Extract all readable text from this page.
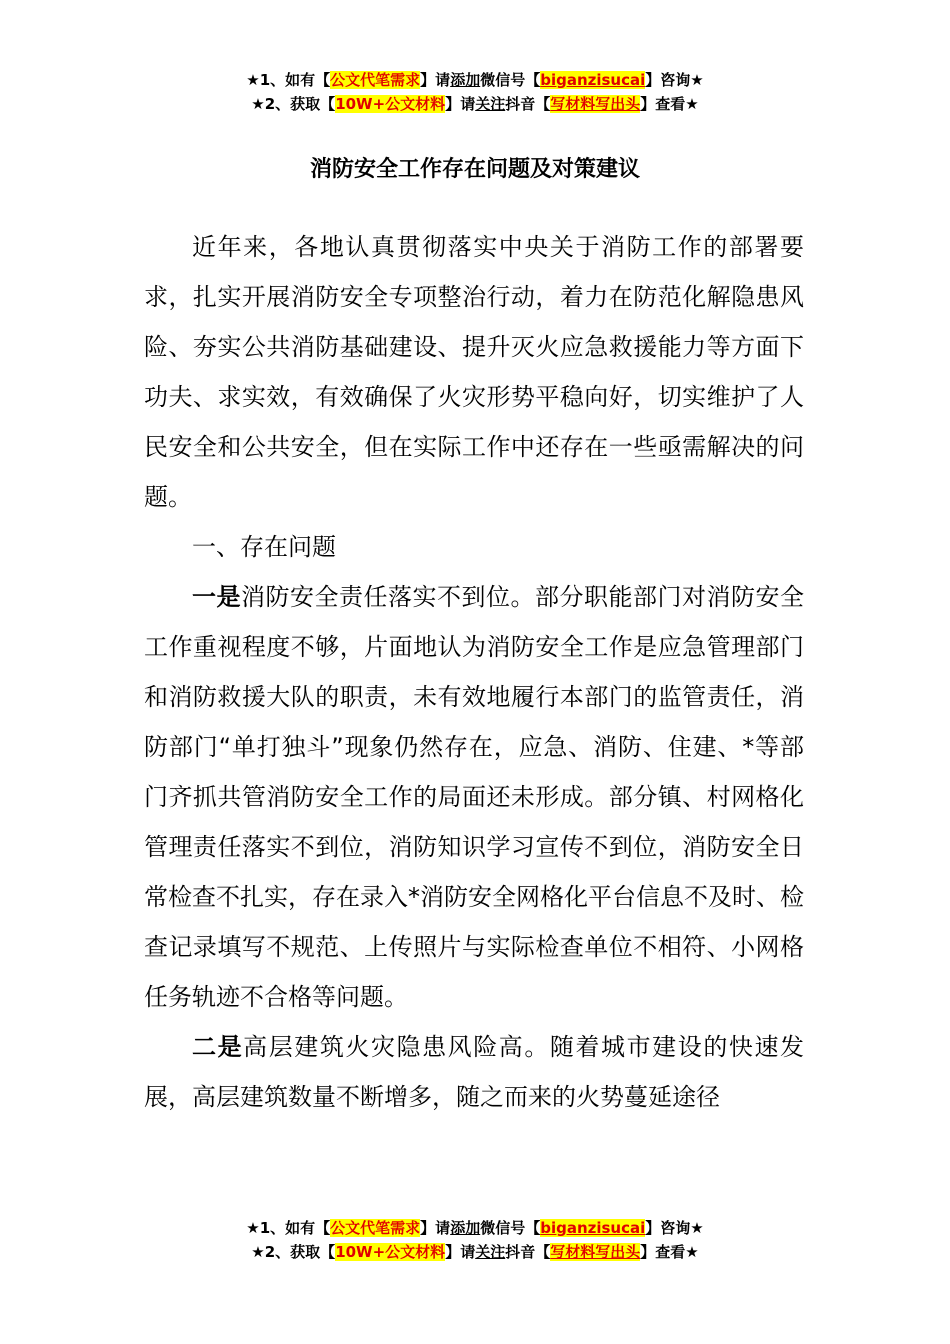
★1、如有【公文代笔需求】请添加微信号【biganzisucai】咨询★
★2、获取【10W+公文材料】请关注抖音【写材料写出头】查看★
消防安全工作存在问题及对策建议

近年来，各地认真贯彻落实中央关于消防工作的部署要求，扎实开展消防安全专项整治行动，着力在防范化解隐患风险、夯实公共消防基础建设、提升灭火应急救援能力等方面下功夫、求实效，有效确保了火灾形势平稳向好，切实维护了人民安全和公共安全，但在实际工作中还存在一些亟需解决的问题。

一、存在问题

一是消防安全责任落实不到位。部分职能部门对消防安全工作重视程度不够，片面地认为消防安全工作是应急管理部门和消防救援大队的职责，未有效地履行本部门的监管责任，消防部门“单打独斗”现象仍然存在，应急、消防、住建、*等部门齐抓共管消防安全工作的局面还未形成。部分镇、村网格化管理责任落实不到位，消防知识学习宣传不到位，消防安全日常检查不扎实，存在录入*消防安全网格化平台信息不及时、检查记录填写不规范、上传照片与实际检查单位不相符、小网格任务轨迹不合格等问题。

二是高层建筑火灾隐患风险高。随着城市建设的快速发展，高层建筑数量不断增多，随之而来的火势蔓延途径

★1、如有【公文代笔需求】请添加微信号【biganzisucai】咨询★
★2、获取【10W+公文材料】请关注抖音【写材料写出头】查看★
